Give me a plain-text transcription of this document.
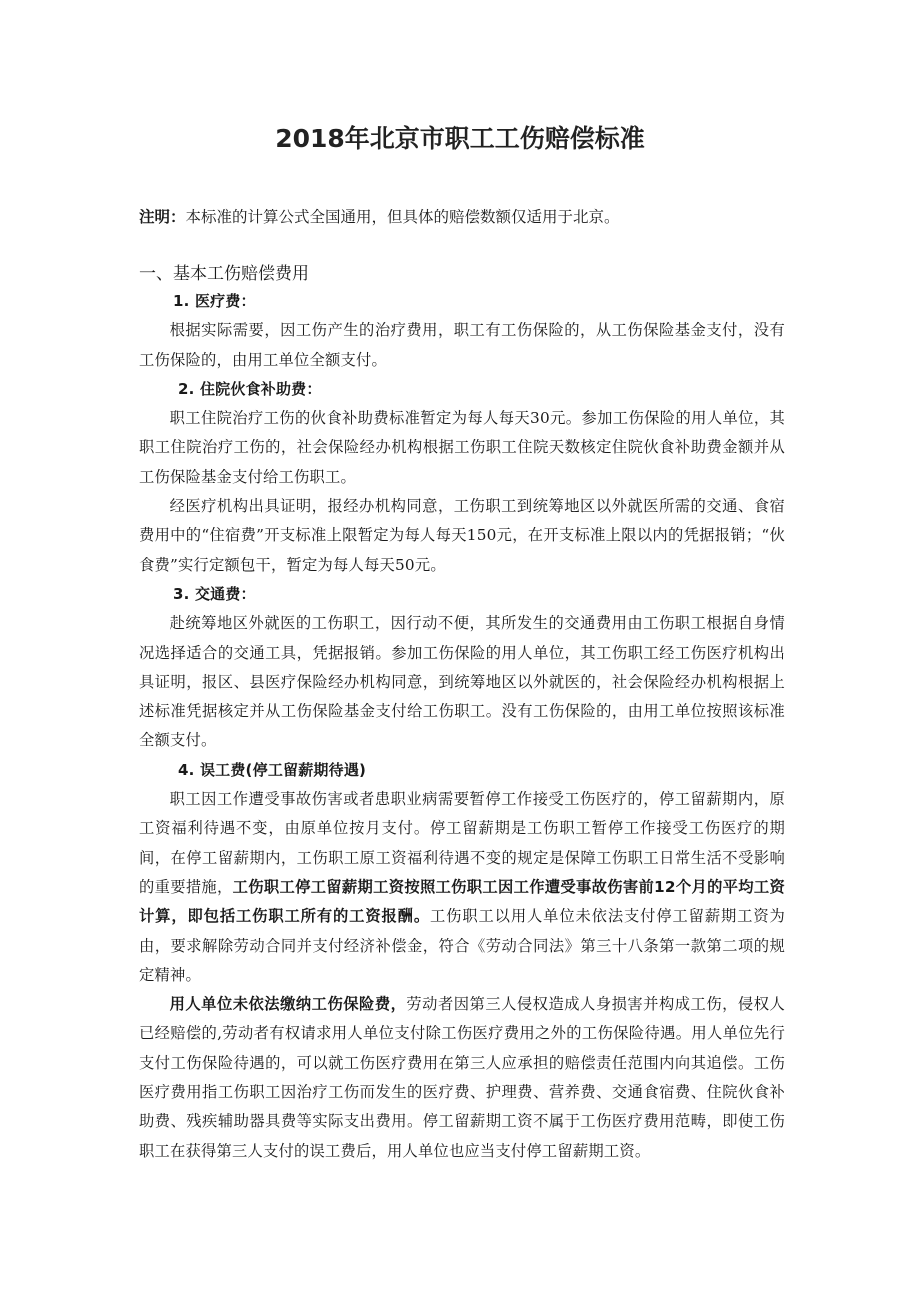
2018年北京市职工工伤赔偿标准
注明：本标准的计算公式全国通用，但具体的赔偿数额仅适用于北京。
一、基本工伤赔偿费用
1. 医疗费：

根据实际需要，因工伤产生的治疗费用，职工有工伤保险的，从工伤保险基金支付，没有工伤保险的，由用工单位全额支付。

2. 住院伙食补助费：

职工住院治疗工伤的伙食补助费标准暂定为每人每天30元。参加工伤保险的用人单位，其职工住院治疗工伤的，社会保险经办机构根据工伤职工住院天数核定住院伙食补助费金额并从工伤保险基金支付给工伤职工。

经医疗机构出具证明，报经办机构同意，工伤职工到统筹地区以外就医所需的交通、食宿费用中的“住宿费”开支标准上限暂定为每人每天150元，在开支标准上限以内的凭据报销；“伙食费”实行定额包干，暂定为每人每天50元。

3. 交通费：

赴统筹地区外就医的工伤职工，因行动不便，其所发生的交通费用由工伤职工根据自身情况选择适合的交通工具，凭据报销。参加工伤保险的用人单位，其工伤职工经工伤医疗机构出具证明，报区、县医疗保险经办机构同意，到统筹地区以外就医的，社会保险经办机构根据上述标准凭据核定并从工伤保险基金支付给工伤职工。没有工伤保险的，由用工单位按照该标准全额支付。

4. 误工费(停工留薪期待遇)

职工因工作遭受事故伤害或者患职业病需要暂停工作接受工伤医疗的，停工留薪期内，原工资福利待遇不变，由原单位按月支付。停工留薪期是工伤职工暂停工作接受工伤医疗的期间，在停工留薪期内，工伤职工原工资福利待遇不变的规定是保障工伤职工日常生活不受影响的重要措施，工伤职工停工留薪期工资按照工伤职工因工作遭受事故伤害前12个月的平均工资计算，即包括工伤职工所有的工资报酬。工伤职工以用人单位未依法支付停工留薪期工资为由，要求解除劳动合同并支付经济补偿金，符合《劳动合同法》第三十八条第一款第二项的规定精神。

用人单位未依法缴纳工伤保险费，劳动者因第三人侵权造成人身损害并构成工伤，侵权人已经赔偿的,劳动者有权请求用人单位支付除工伤医疗费用之外的工伤保险待遇。用人单位先行支付工伤保险待遇的，可以就工伤医疗费用在第三人应承担的赔偿责任范围内向其追偿。工伤医疗费用指工伤职工因治疗工伤而发生的医疗费、护理费、营养费、交通食宿费、住院伙食补助费、残疾辅助器具费等实际支出费用。停工留薪期工资不属于工伤医疗费用范畴，即使工伤职工在获得第三人支付的误工费后，用人单位也应当支付停工留薪期工资。
